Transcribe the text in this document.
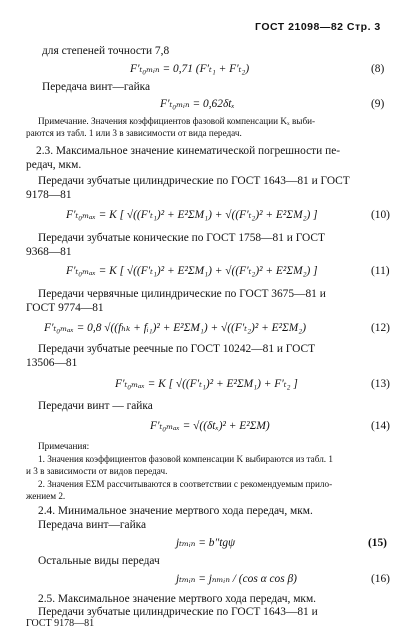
ГОСТ 21098—82 Стр. 3
для степеней точности 7,8
F′ₜ₀ₘᵢₙ = 0,71 (F′ₜ₁ + F′ₜ₂)	(8)
Передача винт—гайка
F′ₜ₀ₘᵢₙ = 0,62δtₓ	(9)
Примечание. Значения коэффициентов фазовой компенсации Kₓ выби-
раются из табл. 1 или 3 в зависимости от вида передач.
2.3. Максимальное значение кинематической погрешности пе-
редач, мкм.
Передачи зубчатые цилиндрические по ГОСТ 1643—81 и ГОСТ
9178—81
F′ₜ₀ₘₐₓ = K [ √((F′ₜ₁)² + E²ΣM₁) + √((F′ₜ₂)² + E²ΣM₂) ]	(10)
Передачи зубчатые конические по ГОСТ 1758—81 и ГОСТ
9368—81
F′ₜ₀ₘₐₓ = K [ √((F′ₜ₁)² + E²ΣM₁) + √((F′ₜ₂)² + E²ΣM₂) ]	(11)
Передачи червячные цилиндрические по ГОСТ 3675—81 и
ГОСТ 9774—81
F′ₜ₀ₘₐₓ = 0,8 √((fₕₖ + fᵢ₁)² + E²ΣM₁) + √((F′ₜ₂)² + E²ΣM₂)	(12)
Передачи зубчатые реечные по ГОСТ 10242—81 и ГОСТ
13506—81
F′ₜ₀ₘₐₓ = K [ √((F′ₜ₁)² + E²ΣM₁) + F′ₜ₂ ]	(13)
Передачи винт — гайка
F′ₜ₀ₘₐₓ = √((δtₓ)² + E²ΣM)	(14)
Примечания:
1. Значения коэффициентов фазовой компенсации K выбираются из табл. 1
и 3 в зависимости от видов передач.
2. Значения EΣM рассчитываются в соответствии с рекомендуемым прило-
жением 2.
2.4. Минимальное значение мертвого хода передач, мкм.
Передача винт—гайка
jₜₘᵢₙ = b″tgψ	(15)
Остальные виды передач
jₜₘᵢₙ = jₙₘᵢₙ / (cos α cos β)	(16)
2.5. Максимальное значение мертвого хода передач, мкм.
Передачи зубчатые цилиндрические по ГОСТ 1643—81 и
ГОСТ 9178—81
